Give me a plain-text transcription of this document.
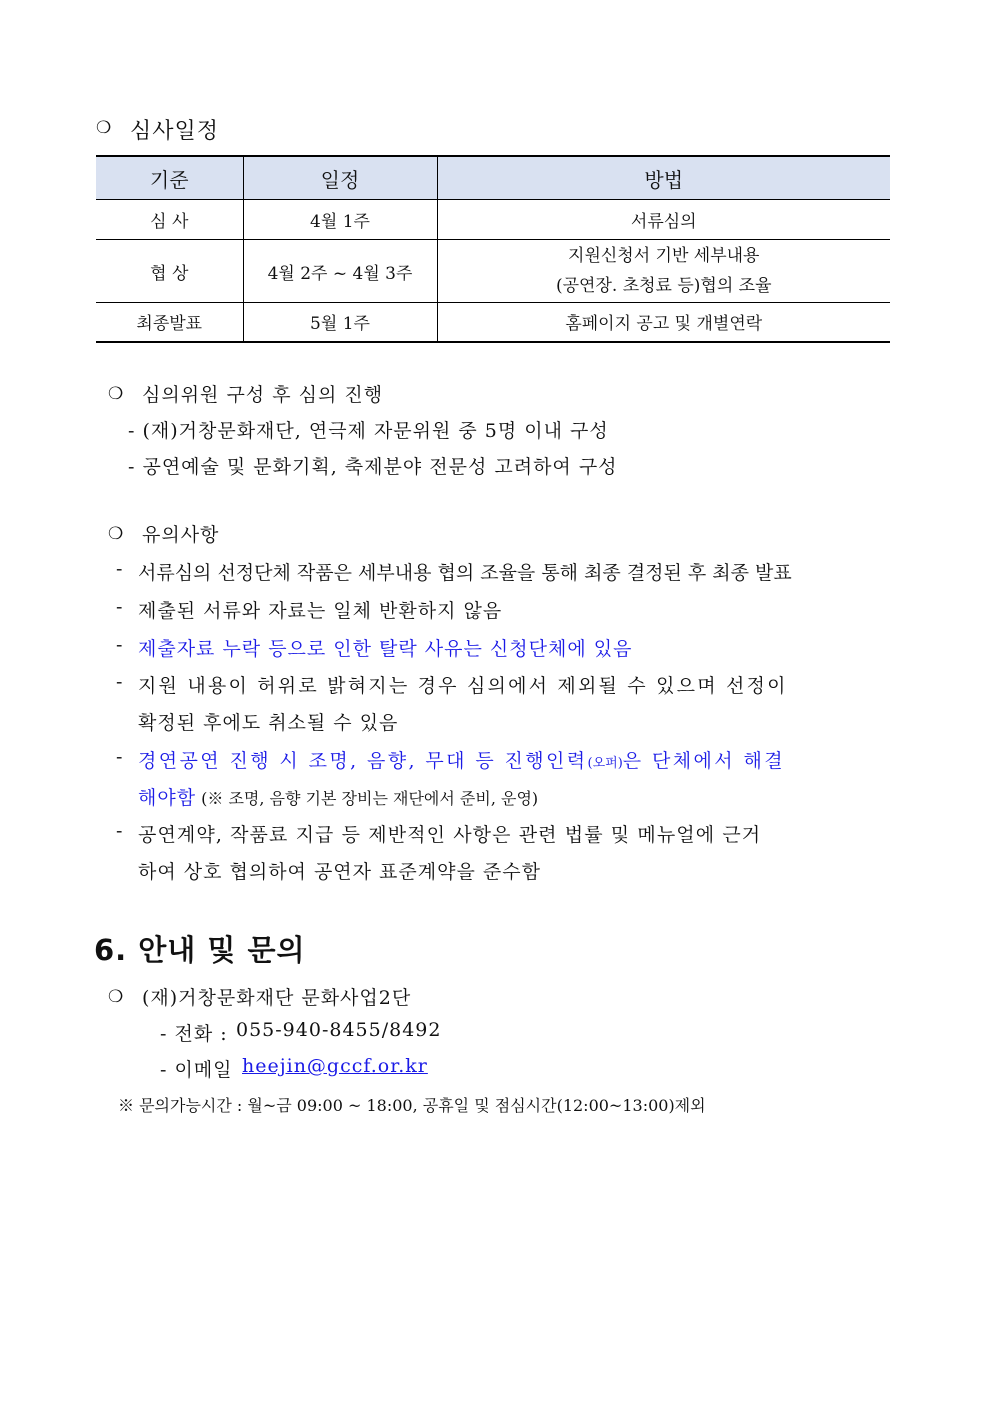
❍ 심사일정
기준	일정	방법
심 사	4월 1주	서류심의
협 상	4월 2주 ~ 4월 3주	지원신청서 기반 세부내용
(공연장. 초청료 등)협의 조율

최종발표	5월 1주	홈페이지 공고 및 개별연락
❍ 심의위원 구성 후 심의 진행
- (재)거창문화재단, 연극제 자문위원 중 5명 이내 구성
- 공연예술 및 문화기획, 축제분야 전문성 고려하여 구성
❍ 유의사항
- 서류심의 선정단체 작품은 세부내용 협의 조율을 통해 최종 결정된 후 최종 발표
- 제출된 서류와 자료는 일체 반환하지 않음
- 제출자료 누락 등으로 인한 탈락 사유는 신청단체에 있음
- 지원 내용이 허위로 밝혀지는 경우 심의에서 제외될 수 있으며 선정이
확정된 후에도 취소될 수 있음
- 경연공연 진행 시 조명, 음향, 무대 등 진행인력(오퍼)은 단체에서 해결
해야함 (※ 조명, 음향 기본 장비는 재단에서 준비, 운영)
- 공연계약, 작품료 지급 등 제반적인 사항은 관련 법률 및 메뉴얼에 근거
하여 상호 협의하여 공연자 표준계약을 준수함
6. 안내 및 문의
❍ (재)거창문화재단 문화사업2단
- 전화 : 055-940-8455/8492
- 이메일 heejin@gccf.or.kr
※ 문의가능시간 : 월~금 09:00 ~ 18:00, 공휴일 및 점심시간(12:00~13:00)제외
